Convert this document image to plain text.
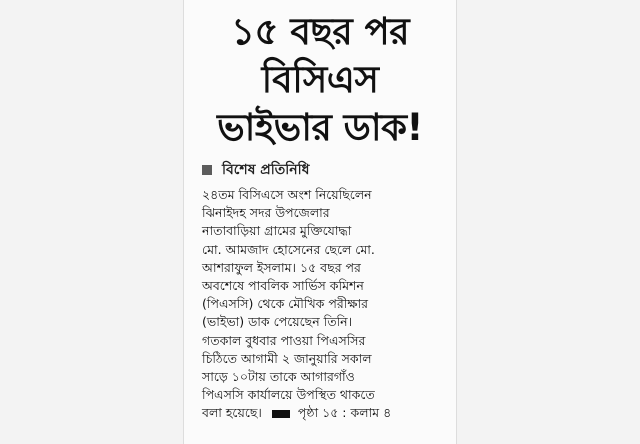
১৫ বছর পর
বিসিএস
ভাইভার ডাক!
বিশেষ প্রতিনিধি
২৪তম বিসিএসে অংশ নিয়েছিলেন
ঝিনাইদহ সদর উপজেলার
নাতাবাড়িয়া গ্রামের মুক্তিযোদ্ধা
মো. আমজাদ হোসেনের ছেলে মো.
আশরাফুল ইসলাম। ১৫ বছর পর
অবশেষে পাবলিক সার্ভিস কমিশন
(পিএসসি) থেকে মৌখিক পরীক্ষার
(ভাইভা) ডাক পেয়েছেন তিনি।
গতকাল বুধবার পাওয়া পিএসসির
চিঠিতে আগামী ২ জানুয়ারি সকাল
সাড়ে ১০টায় তাকে আগারগাঁও
পিএসসি কার্যালয়ে উপস্থিত থাকতে
বলা হয়েছে।	পৃষ্ঠা ১৫ : কলাম ৪
